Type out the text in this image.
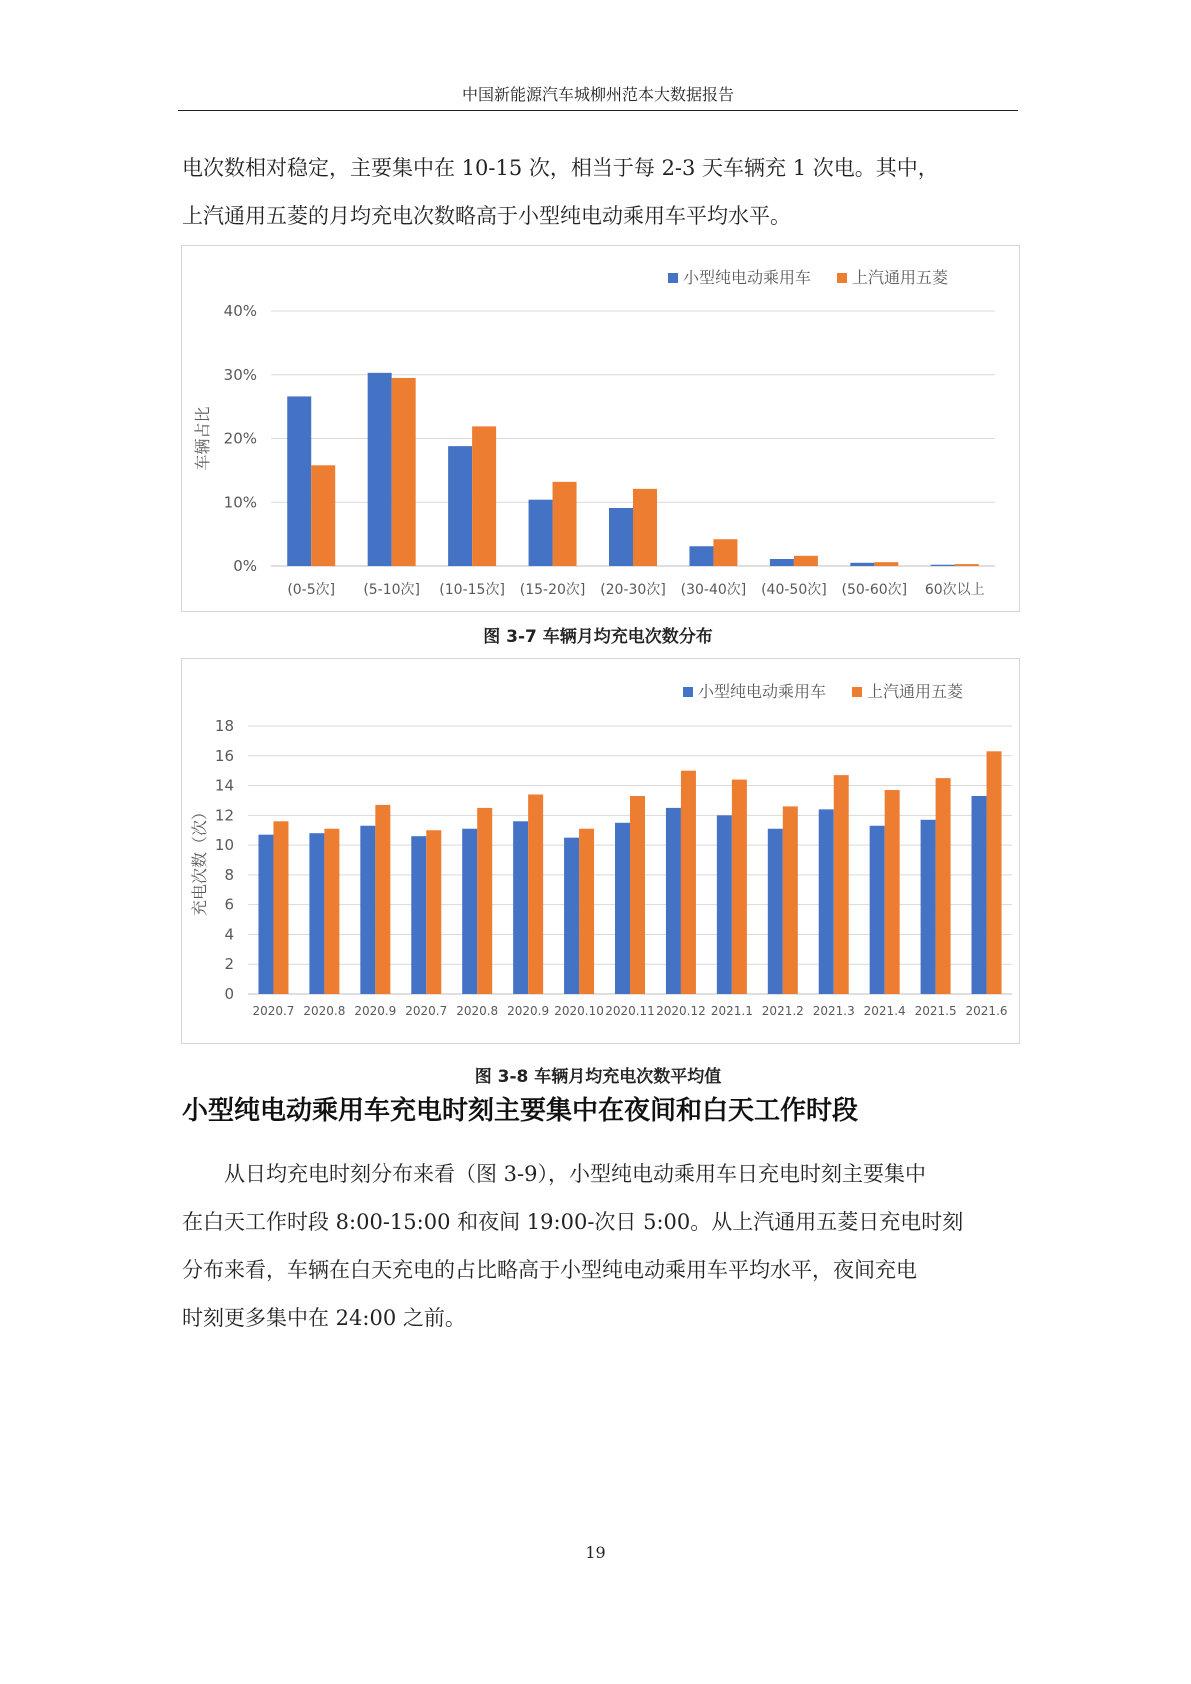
中国新能源汽车城柳州范本大数据报告

电次数相对稳定，主要集中在 10-15 次，相当于每 2-3 天车辆充 1 次电。其中，

上汽通用五菱的月均充电次数略高于小型纯电动乘用车平均水平。

0%
10%
20%
30%
40%
车辆占比
(0-5次] (5-10次] (10-15次] (15-20次] (20-30次] (30-40次] (40-50次] (50-60次] 60次以上
小型纯电动乘用车	上汽通用五菱
图 3-7 车辆月均充电次数分布
0
2
4
6
8
10
12
14
16
18
充电次数（次）
2020.7 2020.8 2020.9 2020.7 2020.8 2020.9 2020.10 2020.11 2020.12 2021.1 2021.2 2021.3 2021.4 2021.5 2021.6
小型纯电动乘用车	上汽通用五菱
图 3-8 车辆月均充电次数平均值
小型纯电动乘用车充电时刻主要集中在夜间和白天工作时段

从日均充电时刻分布来看（图 3-9），小型纯电动乘用车日充电时刻主要集中

在白天工作时段 8:00-15:00 和夜间 19:00-次日 5:00。从上汽通用五菱日充电时刻

分布来看，车辆在白天充电的占比略高于小型纯电动乘用车平均水平，夜间充电

时刻更多集中在 24:00 之前。

19
